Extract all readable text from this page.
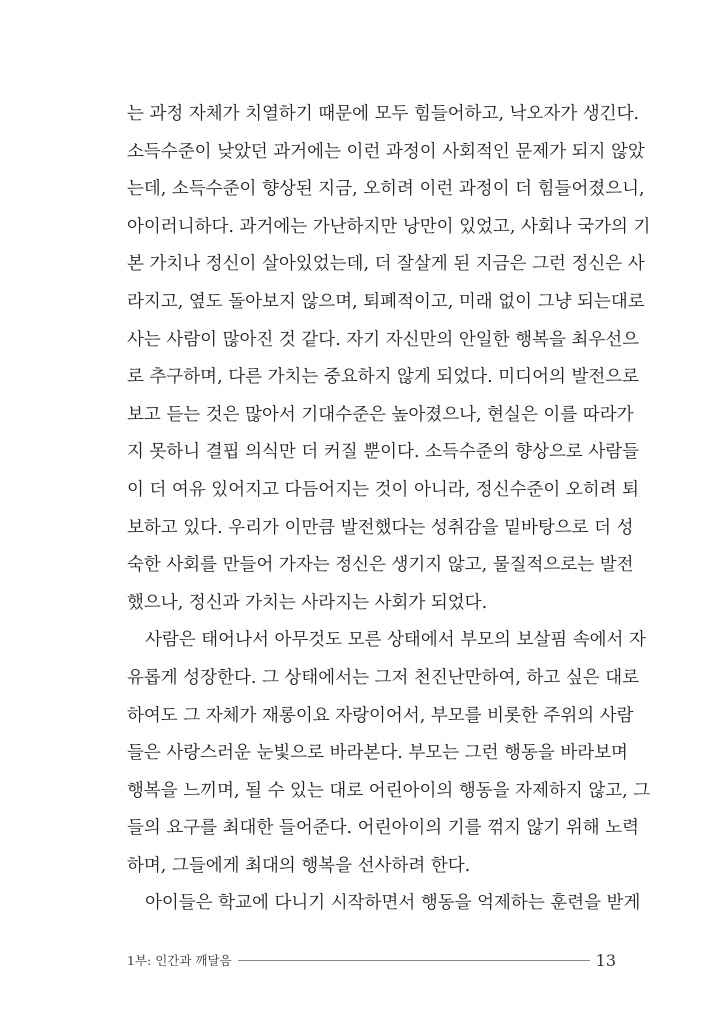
는 과정 자체가 치열하기 때문에 모두 힘들어하고, 낙오자가 생긴다.
소득수준이 낮았던 과거에는 이런 과정이 사회적인 문제가 되지 않았
는데, 소득수준이 향상된 지금, 오히려 이런 과정이 더 힘들어졌으니,
아이러니하다. 과거에는 가난하지만 낭만이 있었고, 사회나 국가의 기
본 가치나 정신이 살아있었는데, 더 잘살게 된 지금은 그런 정신은 사
라지고, 옆도 돌아보지 않으며, 퇴폐적이고, 미래 없이 그냥 되는대로
사는 사람이 많아진 것 같다. 자기 자신만의 안일한 행복을 최우선으
로 추구하며, 다른 가치는 중요하지 않게 되었다. 미디어의 발전으로
보고 듣는 것은 많아서 기대수준은 높아졌으나, 현실은 이를 따라가
지 못하니 결핍 의식만 더 커질 뿐이다. 소득수준의 향상으로 사람들
이 더 여유 있어지고 다듬어지는 것이 아니라, 정신수준이 오히려 퇴
보하고 있다. 우리가 이만큼 발전했다는 성취감을 밑바탕으로 더 성
숙한 사회를 만들어 가자는 정신은 생기지 않고, 물질적으로는 발전
했으나, 정신과 가치는 사라지는 사회가 되었다.
사람은 태어나서 아무것도 모른 상태에서 부모의 보살핌 속에서 자
유롭게 성장한다. 그 상태에서는 그저 천진난만하여, 하고 싶은 대로
하여도 그 자체가 재롱이요 자랑이어서, 부모를 비롯한 주위의 사람
들은 사랑스러운 눈빛으로 바라본다. 부모는 그런 행동을 바라보며
행복을 느끼며, 될 수 있는 대로 어린아이의 행동을 자제하지 않고, 그
들의 요구를 최대한 들어준다. 어린아이의 기를 꺾지 않기 위해 노력
하며, 그들에게 최대의 행복을 선사하려 한다.
아이들은 학교에 다니기 시작하면서 행동을 억제하는 훈련을 받게
1부: 인간과 깨달음	13
